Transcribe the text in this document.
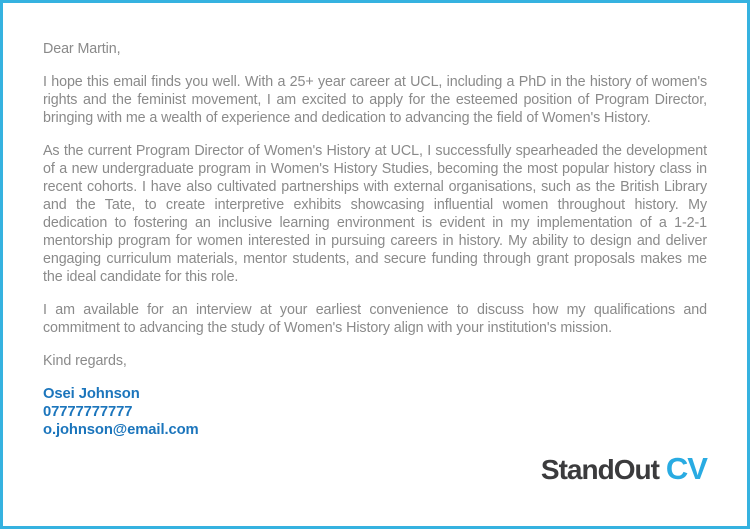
Dear Martin,

I hope this email finds you well. With a 25+ year career at UCL, including a PhD in the history of women's rights and the feminist movement, I am excited to apply for the esteemed position of Program Director, bringing with me a wealth of experience and dedication to advancing the field of Women's History.

As the current Program Director of Women's History at UCL, I successfully spearheaded the development of a new undergraduate program in Women's History Studies, becoming the most popular history class in recent cohorts. I have also cultivated partnerships with external organisations, such as the British Library and the Tate, to create interpretive exhibits showcasing influential women throughout history. My dedication to fostering an inclusive learning environment is evident in my implementation of a 1-2-1 mentorship program for women interested in pursuing careers in history. My ability to design and deliver engaging curriculum materials, mentor students, and secure funding through grant proposals makes me the ideal candidate for this role.

I am available for an interview at your earliest convenience to discuss how my qualifications and commitment to advancing the study of Women's History align with your institution's mission.

Kind regards,
Osei Johnson
07777777777
o.johnson@email.com
StandOut CV
